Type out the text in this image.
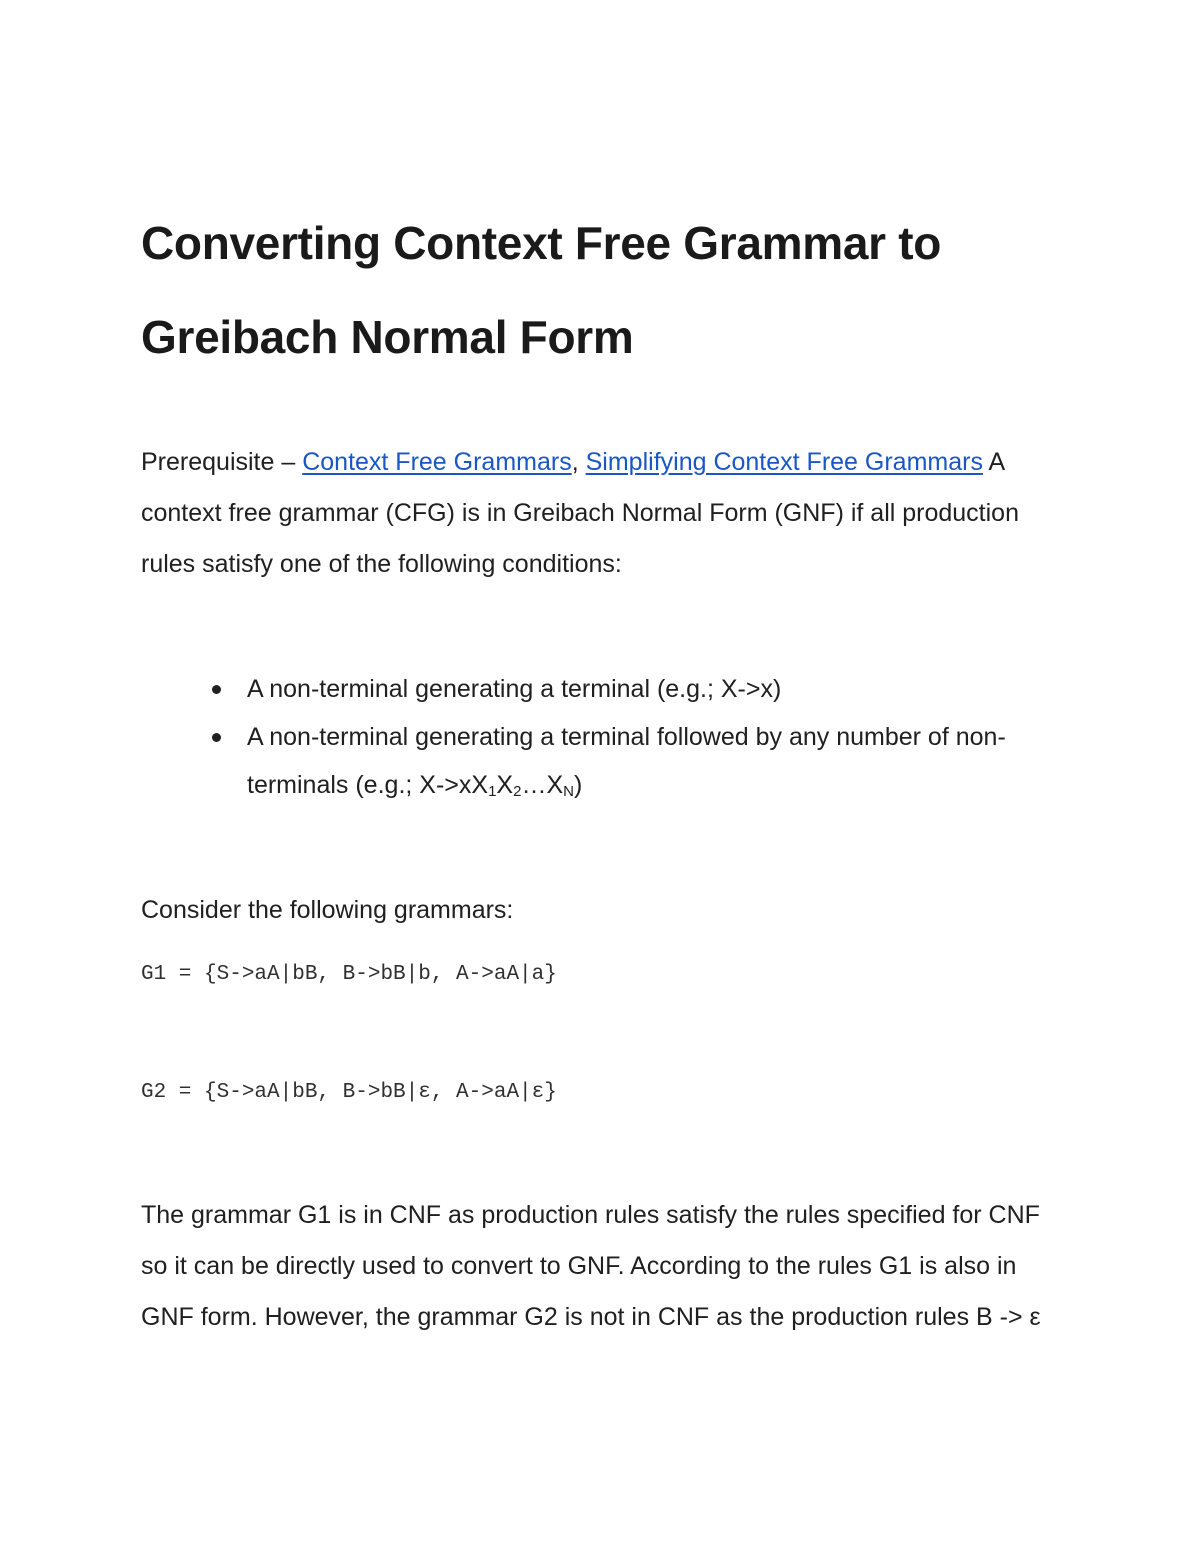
Converting Context Free Grammar to Greibach Normal Form

Prerequisite – Context Free Grammars, Simplifying Context Free Grammars A context free grammar (CFG) is in Greibach Normal Form (GNF) if all production rules satisfy one of the following conditions:

A non-terminal generating a terminal (e.g.; X->x)
A non-terminal generating a terminal followed by any number of non-terminals (e.g.; $X->xX_1X_2\dots X_N$)

Consider the following grammars:

G1 = {S->aA|bB, B->bB|b, A->aA|a}
G2 = {S->aA|bB, B->bB|ε, A->aA|ε}

The grammar G1 is in CNF as production rules satisfy the rules specified for CNF so it can be directly used to convert to GNF. According to the rules G1 is also in GNF form. However, the grammar G2 is not in CNF as the production rules B -> ε
